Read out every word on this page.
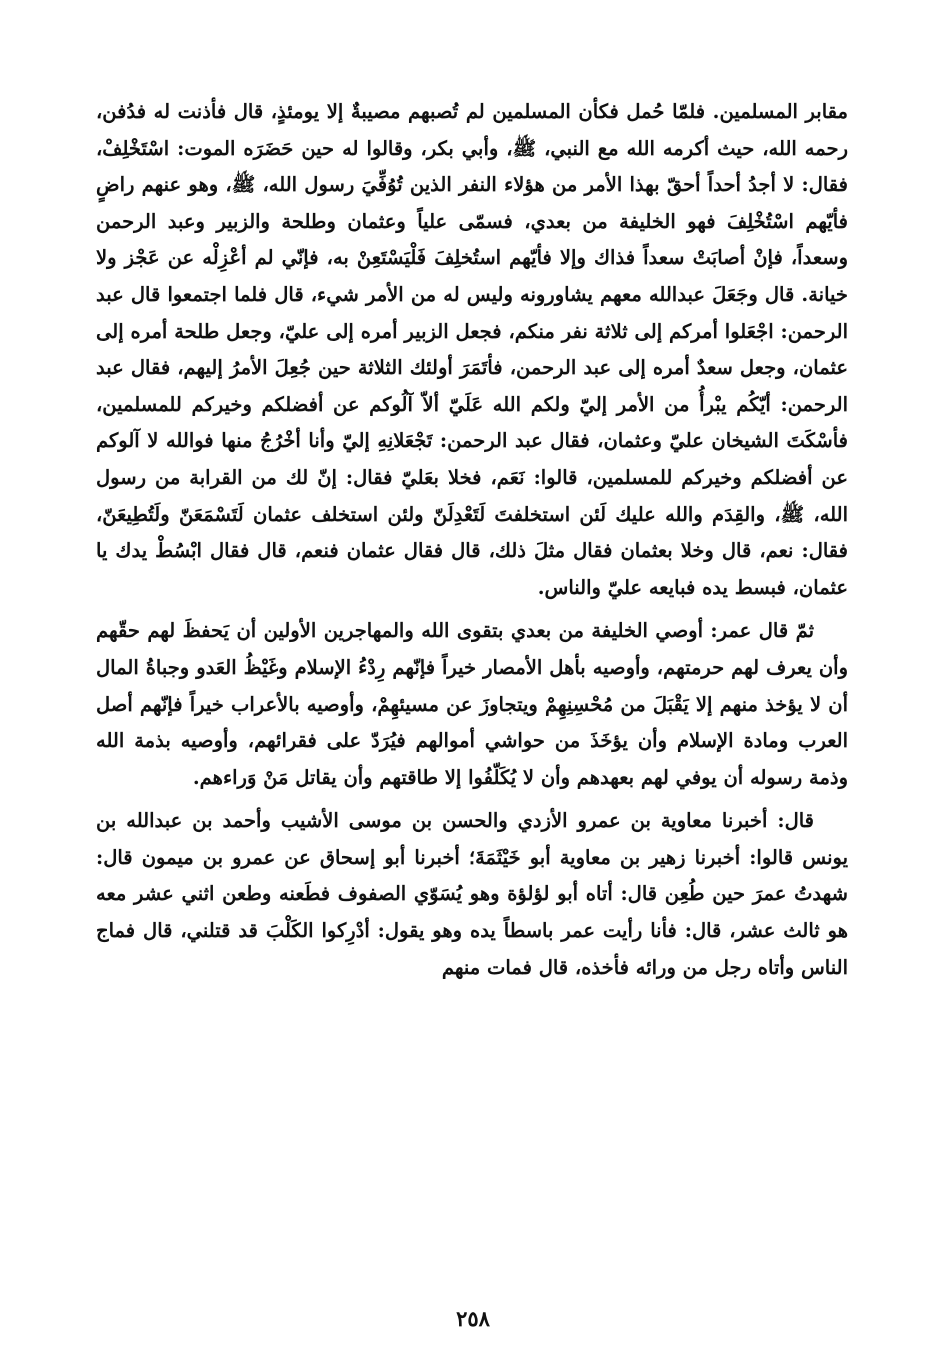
مقابر المسلمين. فلمّا حُمل فكأن المسلمين لم تُصبهم مصيبةٌ إلا يومئذٍ، قال فأذنت له فدُفن، رحمه الله، حيث أكرمه الله مع النبي، ﷺ، وأبي بكر، وقالوا له حين حَضَرَه الموت: اسْتَخْلِفْ، فقال: لا أجدُ أحداً أحقّ بهذا الأمر من هؤلاء النفر الذين تُوُفِّيَ رسول الله، ﷺ، وهو عنهم راضٍ فأيّهم اسْتُخْلِفَ فهو الخليفة من بعدي، فسمّى علياً وعثمان وطلحة والزبير وعبد الرحمن وسعداً، فإنْ أصابَتْ سعداً فذاك وإلا فأيّهم استُخلِفَ فَلْيَسْتَعِنْ به، فإنّي لم أعْزِلْه عن عَجْز ولا خيانة. قال وجَعَلَ عبدالله معهم يشاورونه وليس له من الأمر شيء، قال فلما اجتمعوا قال عبد الرحمن: اجْعَلوا أمركم إلى ثلاثة نفر منكم، فجعل الزبير أمره إلى عليّ، وجعل طلحة أمره إلى عثمان، وجعل سعدٌ أمره إلى عبد الرحمن، فأتَمَرَ أولئك الثلاثة حين جُعِلَ الأمرُ إليهم، فقال عبد الرحمن: أيّكُم يبْرأُ من الأمر إليّ ولكم الله عَلَيّ ألاّ آلُوكم عن أفضلكم وخيركم للمسلمين، فأسْكَتَ الشيخان عليّ وعثمان، فقال عبد الرحمن: تَجْعَلانِهِ إليّ وأنا أخْرُجُ منها فوالله لا آلوكم عن أفضلكم وخيركم للمسلمين، قالوا: نَعَم، فخلا بعَليّ فقال: إنّ لك من القرابة من رسول الله، ﷺ، والقِدَم والله عليك لَئن استخلفتَ لَتَعْدِلَنّ ولئن استخلف عثمان لَتَسْمَعَنّ ولَتُطِيعَنّ، فقال: نعم، قال وخلا بعثمان فقال مثلَ ذلك، قال فقال عثمان فنعم، قال فقال ابْسُطْ يدك يا عثمان، فبسط يده فبايعه عليّ والناس.

ثمّ قال عمر: أوصي الخليفة من بعدي بتقوى الله والمهاجرين الأولين أن يَحفظَ لهم حقّهم وأن يعرف لهم حرمتهم، وأوصيه بأهل الأمصار خيراً فإنّهم رِدْءُ الإسلام وغَيْظُ العَدو وجباةُ المال أن لا يؤخذ منهم إلا يَقْبَلَ من مُحْسِنِهِمْ ويتجاوزَ عن مسيئهِمْ، وأوصيه بالأعراب خيراً فإنّهم أصل العرب ومادة الإسلام وأن يؤخَذَ من حواشي أموالهم فيُرَدّ على فقرائهم، وأوصيه بذمة الله وذمة رسوله أن يوفي لهم بعهدهم وأن لا يُكَلّفُوا إلا طاقتهم وأن يقاتل مَنْ وَراءهم.

قال: أخبرنا معاوية بن عمرو الأزدي والحسن بن موسى الأشيب وأحمد بن عبدالله بن يونس قالوا: أخبرنا زهير بن معاوية أبو خَيْثَمَةَ؛ أخبرنا أبو إسحاق عن عمرو بن ميمون قال: شهدتُ عمرَ حين طُعِن قال: أتاه أبو لؤلؤة وهو يُسَوّي الصفوف فطَعنه وطعن اثني عشر معه هو ثالث عشر، قال: فأنا رأيت عمر باسطاً يده وهو يقول: أدْرِكوا الكَلْبَ قد قتلني، قال فماج الناس وأتاه رجل من ورائه فأخذه، قال فمات منهم

٢٥٨
